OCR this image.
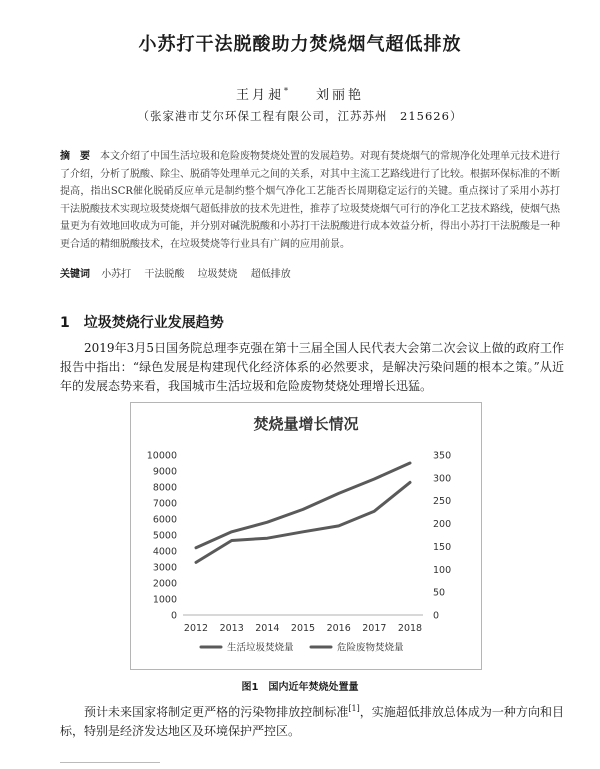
小苏打干法脱酸助力焚烧烟气超低排放
王月昶* 刘丽艳
（张家港市艾尔环保工程有限公司，江苏苏州　215626）
摘　要 本文介绍了中国生活垃圾和危险废物焚烧处置的发展趋势。对现有焚烧烟气的常规净化处理单元技术进行了介绍，分析了脱酸、除尘、脱硝等处理单元之间的关系，对其中主流工艺路线进行了比较。根据环保标准的不断提高，指出SCR催化脱硝反应单元是制约整个烟气净化工艺能否长周期稳定运行的关键。重点探讨了采用小苏打干法脱酸技术实现垃圾焚烧烟气超低排放的技术先进性，推荐了垃圾焚烧烟气可行的净化工艺技术路线，使烟气热量更为有效地回收成为可能，并分别对碱洗脱酸和小苏打干法脱酸进行成本效益分析，得出小苏打干法脱酸是一种更合适的精细脱酸技术，在垃圾焚烧等行业具有广阔的应用前景。
关键词 小苏打 干法脱酸 垃圾焚烧 超低排放
1 垃圾焚烧行业发展趋势
2019年3月5日国务院总理李克强在第十三届全国人民代表大会第二次会议上做的政府工作报告中指出：“绿色发展是构建现代化经济体系的必然要求，是解决污染问题的根本之策。”从近年的发展态势来看，我国城市生活垃圾和危险废物焚烧处理增长迅猛。
焚烧量增长情况
0
1000
2000
3000
4000
5000
6000
7000
8000
9000
10000
0
50
100
150
200
250
300
350
2012 2013 2014 2015 2016 2017 2018
生活垃圾焚烧量	危险废物焚烧量
图1 国内近年焚烧处置量
预计未来国家将制定更严格的污染物排放控制标准[1]，实施超低排放总体成为一种方向和目标，特别是经济发达地区及环境保护严控区。
